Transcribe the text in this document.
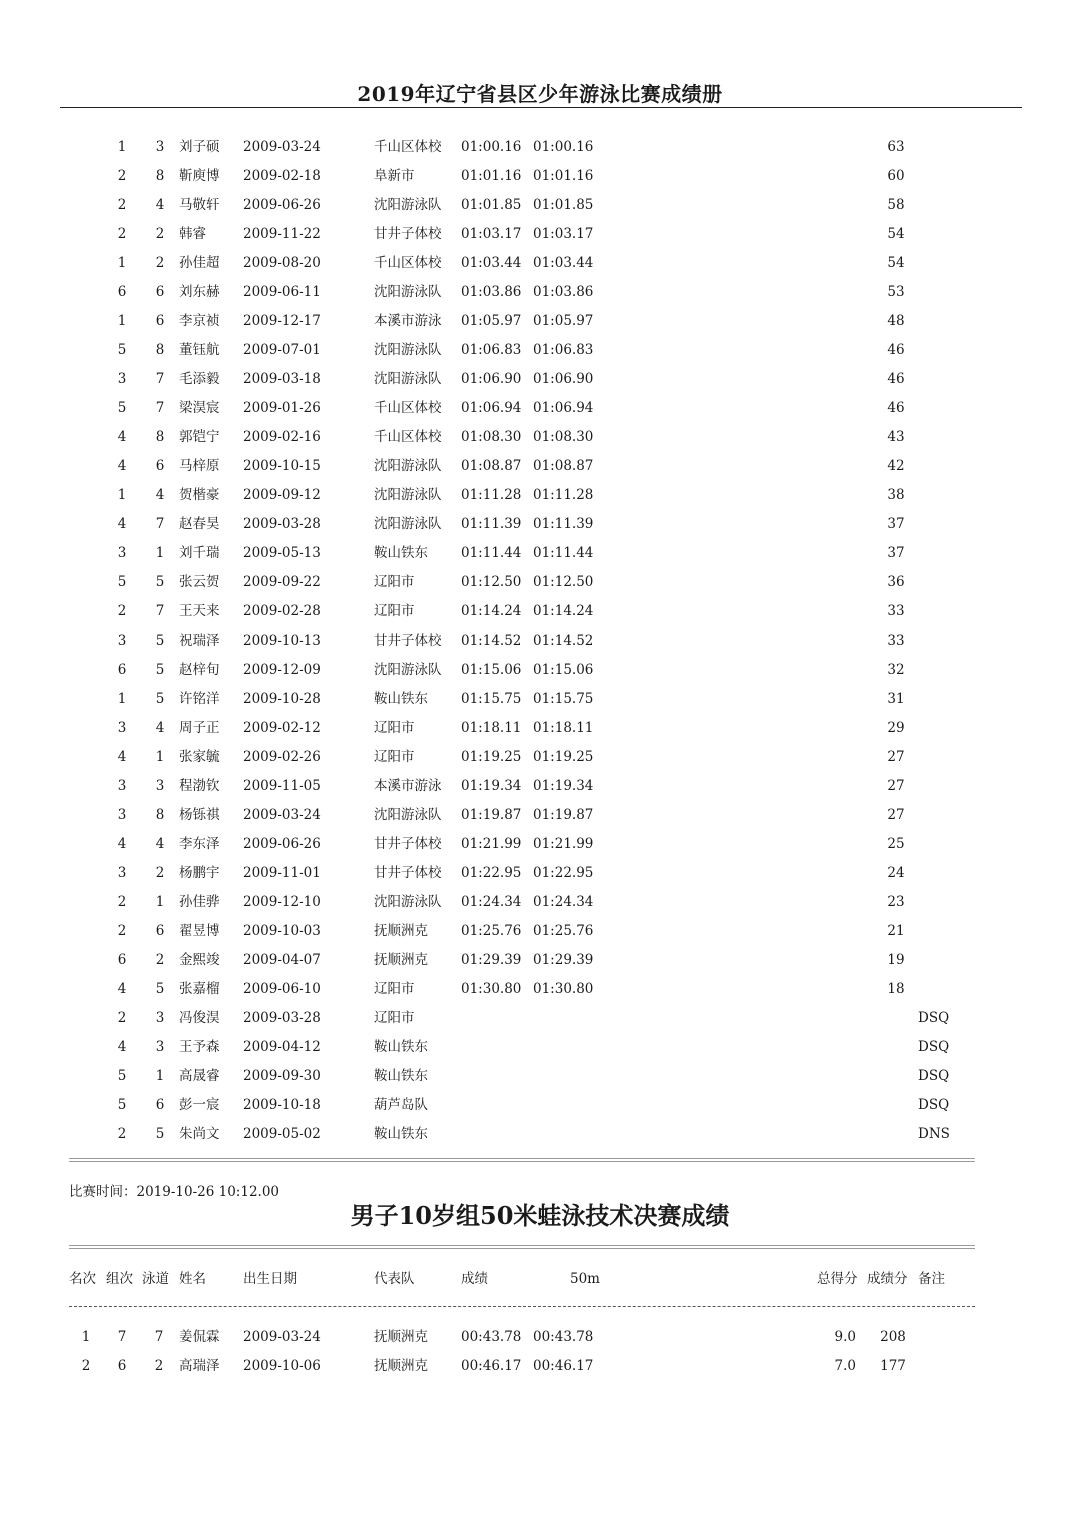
2019年辽宁省县区少年游泳比赛成绩册
1	3	刘子硕 2009-03-24	千山区体校 01:00.16 01:00.16	63
2	8	靳庾博 2009-02-18	阜新市	01:01.16 01:01.16	60
2	4	马敬轩 2009-06-26	沈阳游泳队 01:01.85 01:01.85	58
2	2	韩睿	2009-11-22	甘井子体校 01:03.17 01:03.17	54
1	2	孙佳超 2009-08-20	千山区体校 01:03.44 01:03.44	54
6	6	刘东赫 2009-06-11	沈阳游泳队 01:03.86 01:03.86	53
1	6	李京祯 2009-12-17	本溪市游泳 01:05.97 01:05.97	48
5	8	董钰航 2009-07-01	沈阳游泳队 01:06.83 01:06.83	46
3	7	毛添毅 2009-03-18	沈阳游泳队 01:06.90 01:06.90	46
5	7	梁淏宸 2009-01-26	千山区体校 01:06.94 01:06.94	46
4	8	郭铠宁 2009-02-16	千山区体校 01:08.30 01:08.30	43
4	6	马梓原 2009-10-15	沈阳游泳队 01:08.87 01:08.87	42
1	4	贺楷豪 2009-09-12	沈阳游泳队 01:11.28 01:11.28	38
4	7	赵春昊 2009-03-28	沈阳游泳队 01:11.39 01:11.39	37
3	1	刘千瑞 2009-05-13	鞍山铁东 01:11.44 01:11.44	37
5	5	张云贺 2009-09-22	辽阳市	01:12.50 01:12.50	36
2	7	王天来 2009-02-28	辽阳市	01:14.24 01:14.24	33
3	5	祝瑞泽 2009-10-13	甘井子体校 01:14.52 01:14.52	33
6	5	赵梓旬 2009-12-09	沈阳游泳队 01:15.06 01:15.06	32
1	5	许铭洋 2009-10-28	鞍山铁东 01:15.75 01:15.75	31
3	4	周子正 2009-02-12	辽阳市	01:18.11 01:18.11	29
4	1	张家毓 2009-02-26	辽阳市	01:19.25 01:19.25	27
3	3	程渤钦 2009-11-05	本溪市游泳 01:19.34 01:19.34	27
3	8	杨铄祺 2009-03-24	沈阳游泳队 01:19.87 01:19.87	27
4	4	李东泽 2009-06-26	甘井子体校 01:21.99 01:21.99	25
3	2	杨鹏宇 2009-11-01	甘井子体校 01:22.95 01:22.95	24
2	1	孙佳骅 2009-12-10	沈阳游泳队 01:24.34 01:24.34	23
2	6	翟昱博 2009-10-03	抚顺洲克 01:25.76 01:25.76	21
6	2	金熙竣 2009-04-07	抚顺洲克 01:29.39 01:29.39	19
4	5	张嘉榴 2009-06-10	辽阳市	01:30.80 01:30.80	18
2	3	冯俊淏 2009-03-28	辽阳市	DSQ
4	3	王予森 2009-04-12	鞍山铁东	DSQ
5	1	高晟睿 2009-09-30	鞍山铁东	DSQ
5	6	彭一宸 2009-10-18	葫芦岛队	DSQ
2	5	朱尚文 2009-05-02	鞍山铁东	DNS
比赛时间：2019-10-26 10:12.00
男子10岁组50米蛙泳技术决赛成绩
名次 组次 泳道 姓名	出生日期	代表队	成绩	50m	总得分 成绩分 备注
1 7 7 姜侃霖 2009-03-24	抚顺洲克 00:43.78 00:43.78	9.0 208
2 6 2 高瑞泽 2009-10-06	抚顺洲克 00:46.17 00:46.17	7.0 177
